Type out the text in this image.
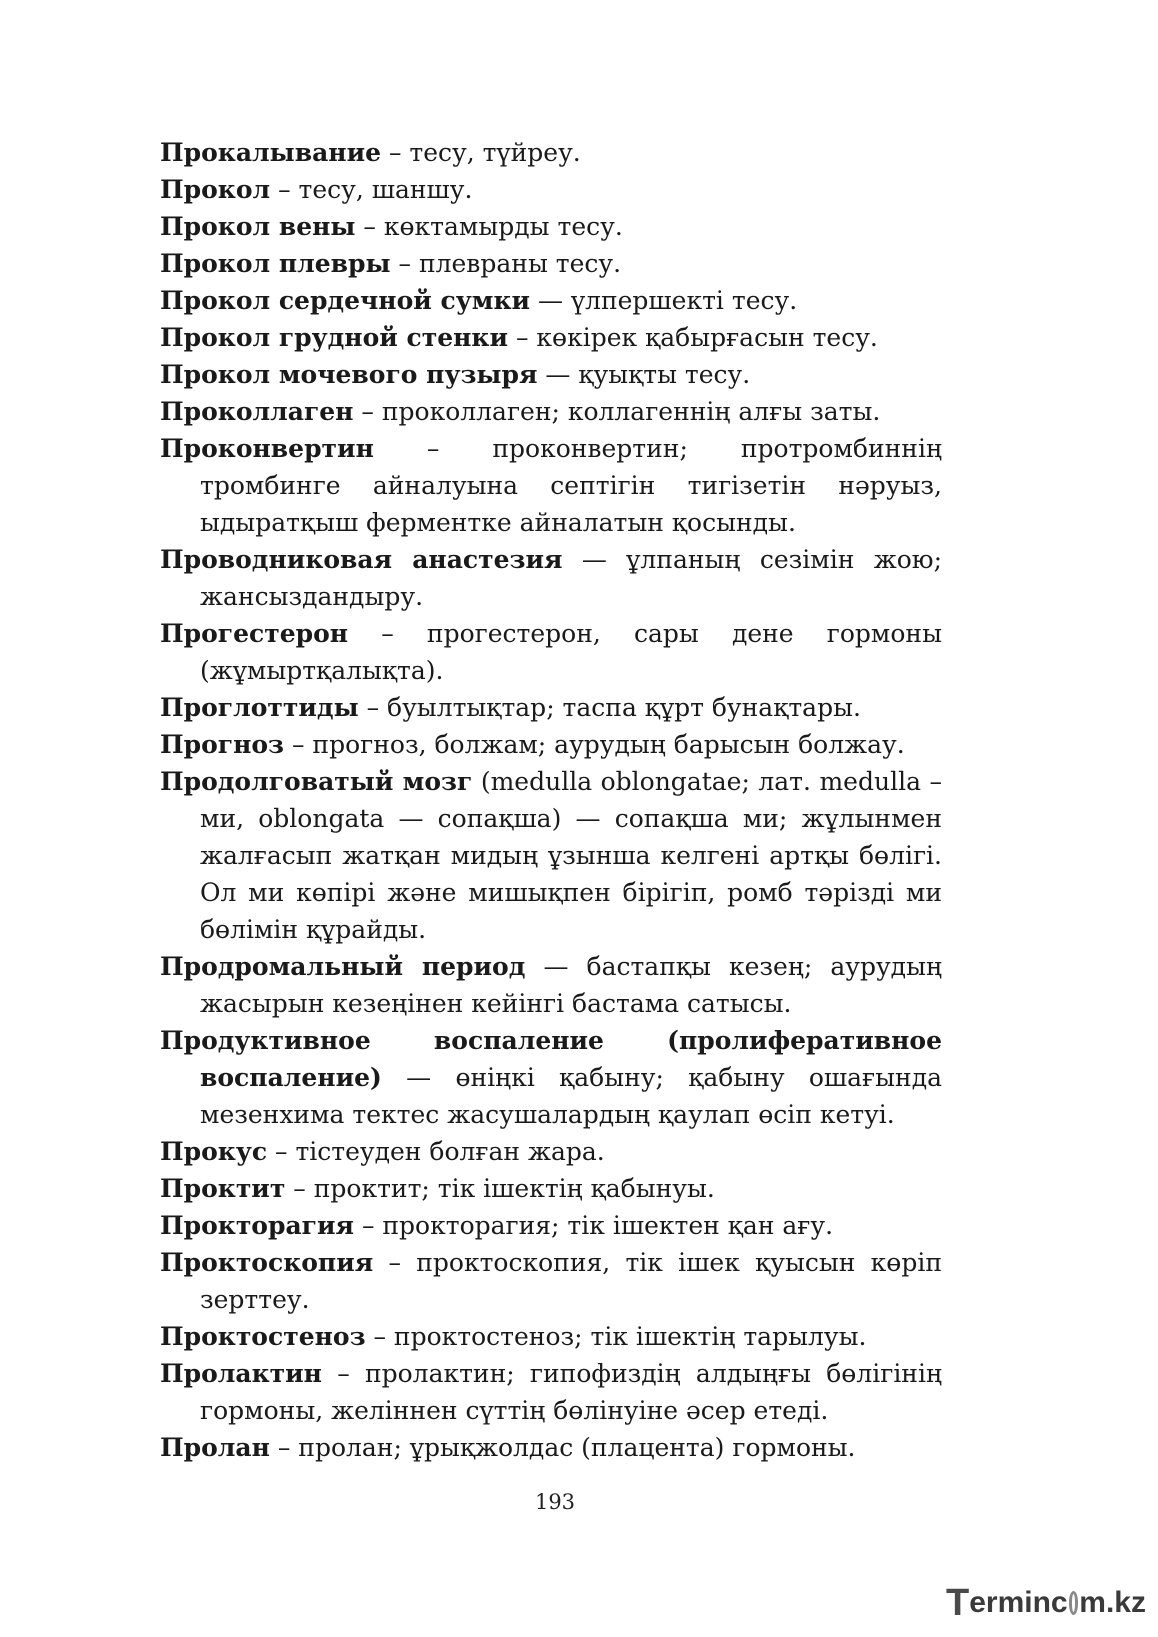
Прокалывание – тесу, түйреу.

Прокол – тесу, шаншу.

Прокол вены – көктамырды тесу.

Прокол плевры – плевраны тесу.

Прокол сердечной сумки — үлпершекті тесу.

Прокол грудной стенки – көкірек қабырғасын тесу.

Прокол мочевого пузыря — қуықты тесу.

Проколлаген – проколлаген; коллагеннің алғы заты.

Проконвертин – проконвертин; протромбиннің тромбинге айналуына септігін тигізетін нәруыз, ыдыратқыш ферментке айналатын қосынды.

Проводниковая анастезия — ұлпаның сезімін жою; жансыздандыру.

Прогестерон – прогестерон, сары дене гормоны (жұмыртқалықта).

Проглоттиды – буылтықтар; таспа құрт бунақтары.

Прогноз – прогноз, болжам; аурудың барысын болжау.

Продолговатый мозг (medulla oblongatae; лат. medulla – ми, oblongata — сопақша) — сопақша ми; жұлынмен жалғасып жатқан мидың ұзынша келгені артқы бөлігі. Ол ми көпірі және мишықпен бірігіп, ромб тәрізді ми бөлімін құрайды.

Продромальный период — бастапқы кезең; аурудың жасырын кезеңінен кейінгі бастама сатысы.

Продуктивное воспаление (пролиферативное воспаление) — өніңкі қабыну; қабыну ошағында мезенхима тектес жасушалардың қаулап өсіп кетуі.

Прокус – тістеуден болған жара.

Проктит – проктит; тік ішектің қабынуы.

Прокторагия – прокторагия; тік ішектен қан ағу.

Проктоскопия – проктоскопия, тік ішек қуысын көріп зерттеу.

Проктостеноз – проктостеноз; тік ішектің тарылуы.

Пролактин – пролактин; гипофиздің алдыңғы бөлігінің гормоны, желіннен сүттің бөлінуіне әсер етеді.

Пролан – пролан; ұрықжолдас (плацента) гормоны.

193
T erminc m.kz
